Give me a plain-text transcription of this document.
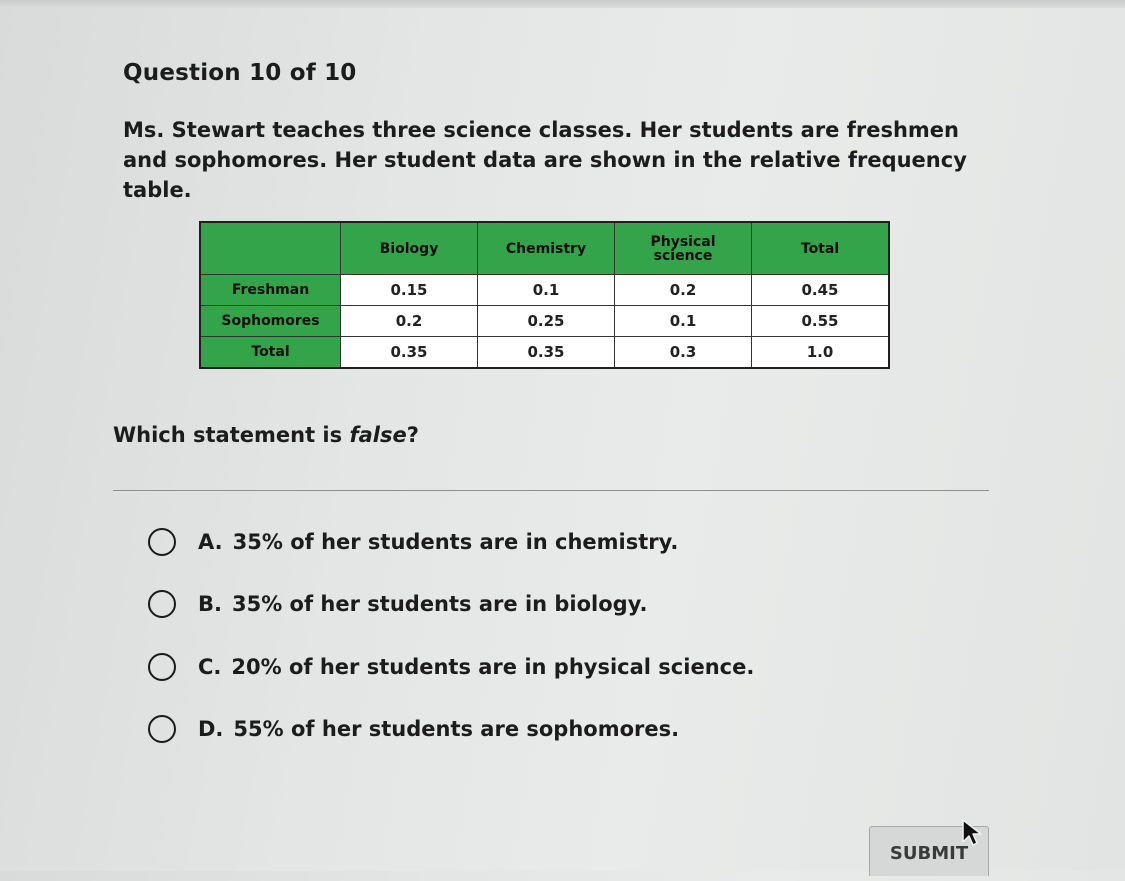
Question 10 of 10
Ms. Stewart teaches three science classes. Her students are freshmen and sophomores. Her student data are shown in the relative frequency table.
	Biology	Chemistry	Physical science	Total
Freshman	0.15	0.1	0.2	0.45
Sophomores	0.2	0.25	0.1	0.55
Total	0.35	0.35	0.3	1.0
Which statement is false?
A. 35% of her students are in chemistry.
B. 35% of her students are in biology.
C. 20% of her students are in physical science.
D. 55% of her students are sophomores.
SUBMIT
